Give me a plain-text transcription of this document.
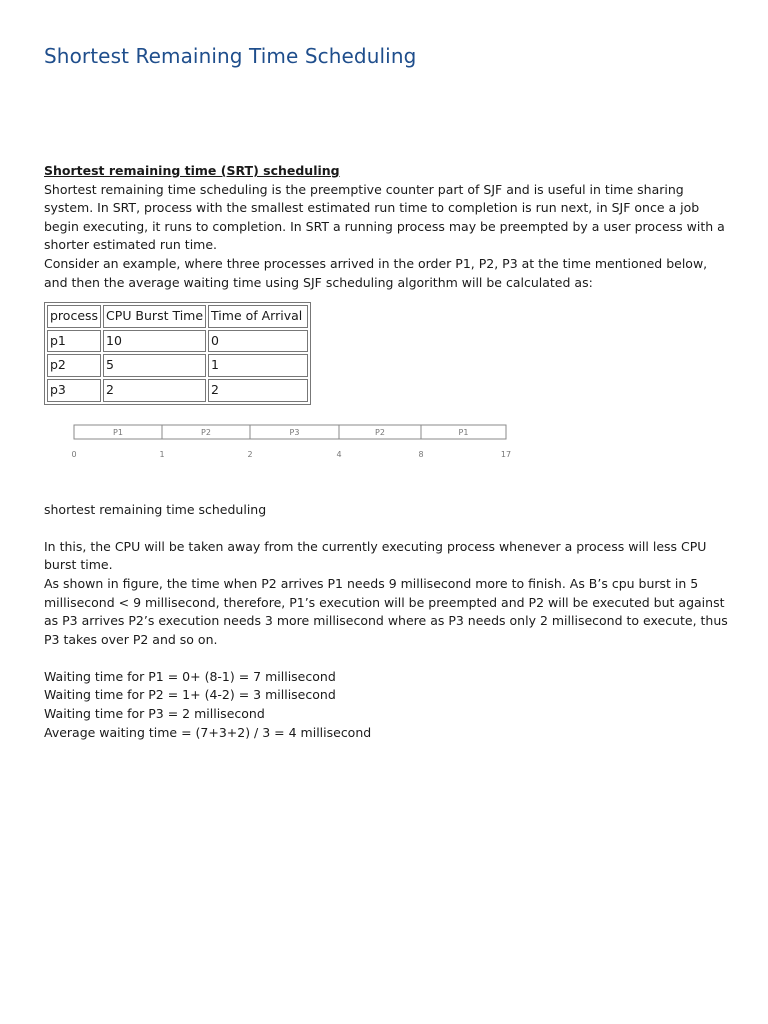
Shortest Remaining Time Scheduling

Shortest remaining time (SRT) scheduling

Shortest remaining time scheduling is the preemptive counter part of SJF and is useful in time sharing system. In SRT, process with the smallest estimated run time to completion is run next, in SJF once a job begin executing, it runs to completion. In SRT a running process may be preempted by a user process with a shorter estimated run time.

Consider an example, where three processes arrived in the order P1, P2, P3 at the time mentioned below, and then the average waiting time using SJF scheduling algorithm will be calculated as:

process	CPU Burst Time	Time of Arrival
p1	10	0
p2	5	1
p3	2	2
P1	P2	P3	P2	P1
0	1	2	4	8	17

shortest remaining time scheduling

In this, the CPU will be taken away from the currently executing process whenever a process will less CPU burst time.

As shown in figure, the time when P2 arrives P1 needs 9 millisecond more to finish. As B’s cpu burst in 5 millisecond < 9 millisecond, therefore, P1’s execution will be preempted and P2 will be executed but against as P3 arrives P2’s execution needs 3 more millisecond where as P3 needs only 2 millisecond to execute, thus P3 takes over P2 and so on.

Waiting time for P1 = 0+ (8-1) = 7 millisecond

Waiting time for P2 = 1+ (4-2) = 3 millisecond

Waiting time for P3 = 2 millisecond

Average waiting time = (7+3+2) / 3 = 4 millisecond
